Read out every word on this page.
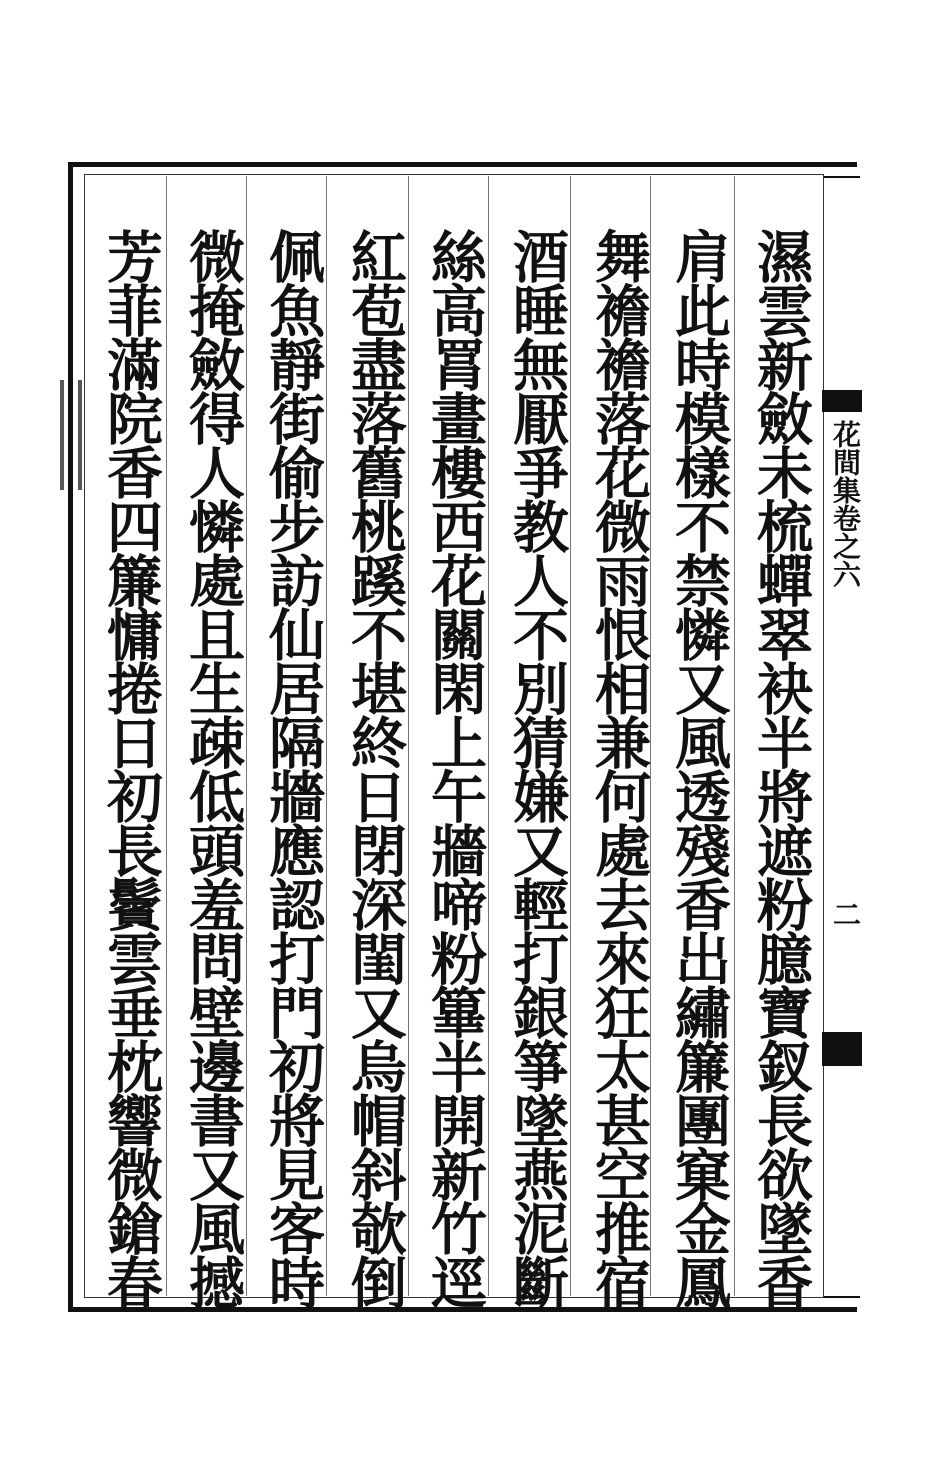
濕雲新斂未梳蟬翠袂半將遮粉臆寶釵長欲墜香
肩此時模樣不禁憐又風透殘香出繡簾團窠金鳳
舞襜襜落花微雨恨相兼何處去來狂太甚空推宿
酒睡無厭爭教人不別猜嫌又輕打銀箏墜燕泥斷
絲高罥畫樓西花關閑上午牆啼粉篳半開新竹逕
紅苞盡落舊桃蹊不堪終日閉深閨又烏帽斜欹倒
佩魚靜街偷步訪仙居隔牆應認打門初將見客時
微掩斂得人憐處且生疎低頭羞問壁邊書又風撼
芳菲滿院香四簾慵捲日初長鬢雲垂枕響微鎗春	花間集卷之六
二
